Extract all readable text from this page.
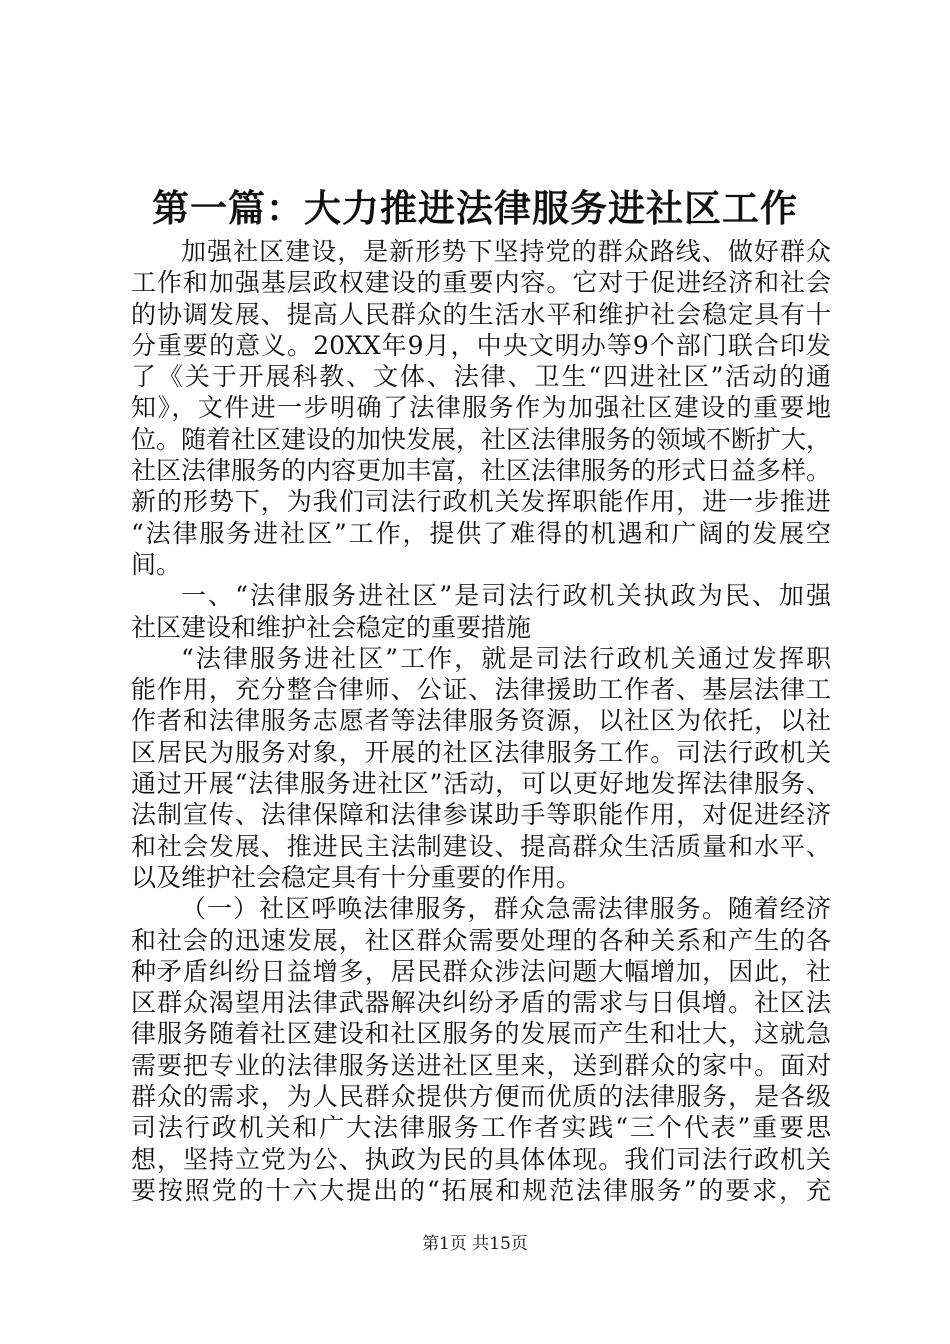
第一篇：大力推进法律服务进社区工作
加强社区建设，是新形势下坚持党的群众路线、做好群众
工作和加强基层政权建设的重要内容。它对于促进经济和社会
的协调发展、提高人民群众的生活水平和维护社会稳定具有十
分重要的意义。20XX年9月，中央文明办等9个部门联合印发
了《关于开展科教、文体、法律、卫生“四进社区”活动的通
知》，文件进一步明确了法律服务作为加强社区建设的重要地
位。随着社区建设的加快发展，社区法律服务的领域不断扩大，
社区法律服务的内容更加丰富，社区法律服务的形式日益多样。
新的形势下，为我们司法行政机关发挥职能作用，进一步推进
“法律服务进社区”工作，提供了难得的机遇和广阔的发展空
间。
一、“法律服务进社区”是司法行政机关执政为民、加强
社区建设和维护社会稳定的重要措施
“法律服务进社区”工作，就是司法行政机关通过发挥职
能作用，充分整合律师、公证、法律援助工作者、基层法律工
作者和法律服务志愿者等法律服务资源，以社区为依托，以社
区居民为服务对象，开展的社区法律服务工作。司法行政机关
通过开展“法律服务进社区”活动，可以更好地发挥法律服务、
法制宣传、法律保障和法律参谋助手等职能作用，对促进经济
和社会发展、推进民主法制建设、提高群众生活质量和水平、
以及维护社会稳定具有十分重要的作用。
（一）社区呼唤法律服务，群众急需法律服务。随着经济
和社会的迅速发展，社区群众需要处理的各种关系和产生的各
种矛盾纠纷日益增多，居民群众涉法问题大幅增加，因此，社
区群众渴望用法律武器解决纠纷矛盾的需求与日俱增。社区法
律服务随着社区建设和社区服务的发展而产生和壮大，这就急
需要把专业的法律服务送进社区里来，送到群众的家中。面对
群众的需求，为人民群众提供方便而优质的法律服务，是各级
司法行政机关和广大法律服务工作者实践“三个代表”重要思
想，坚持立党为公、执政为民的具体体现。我们司法行政机关
要按照党的十六大提出的“拓展和规范法律服务”的要求，充
第1页 共15页
